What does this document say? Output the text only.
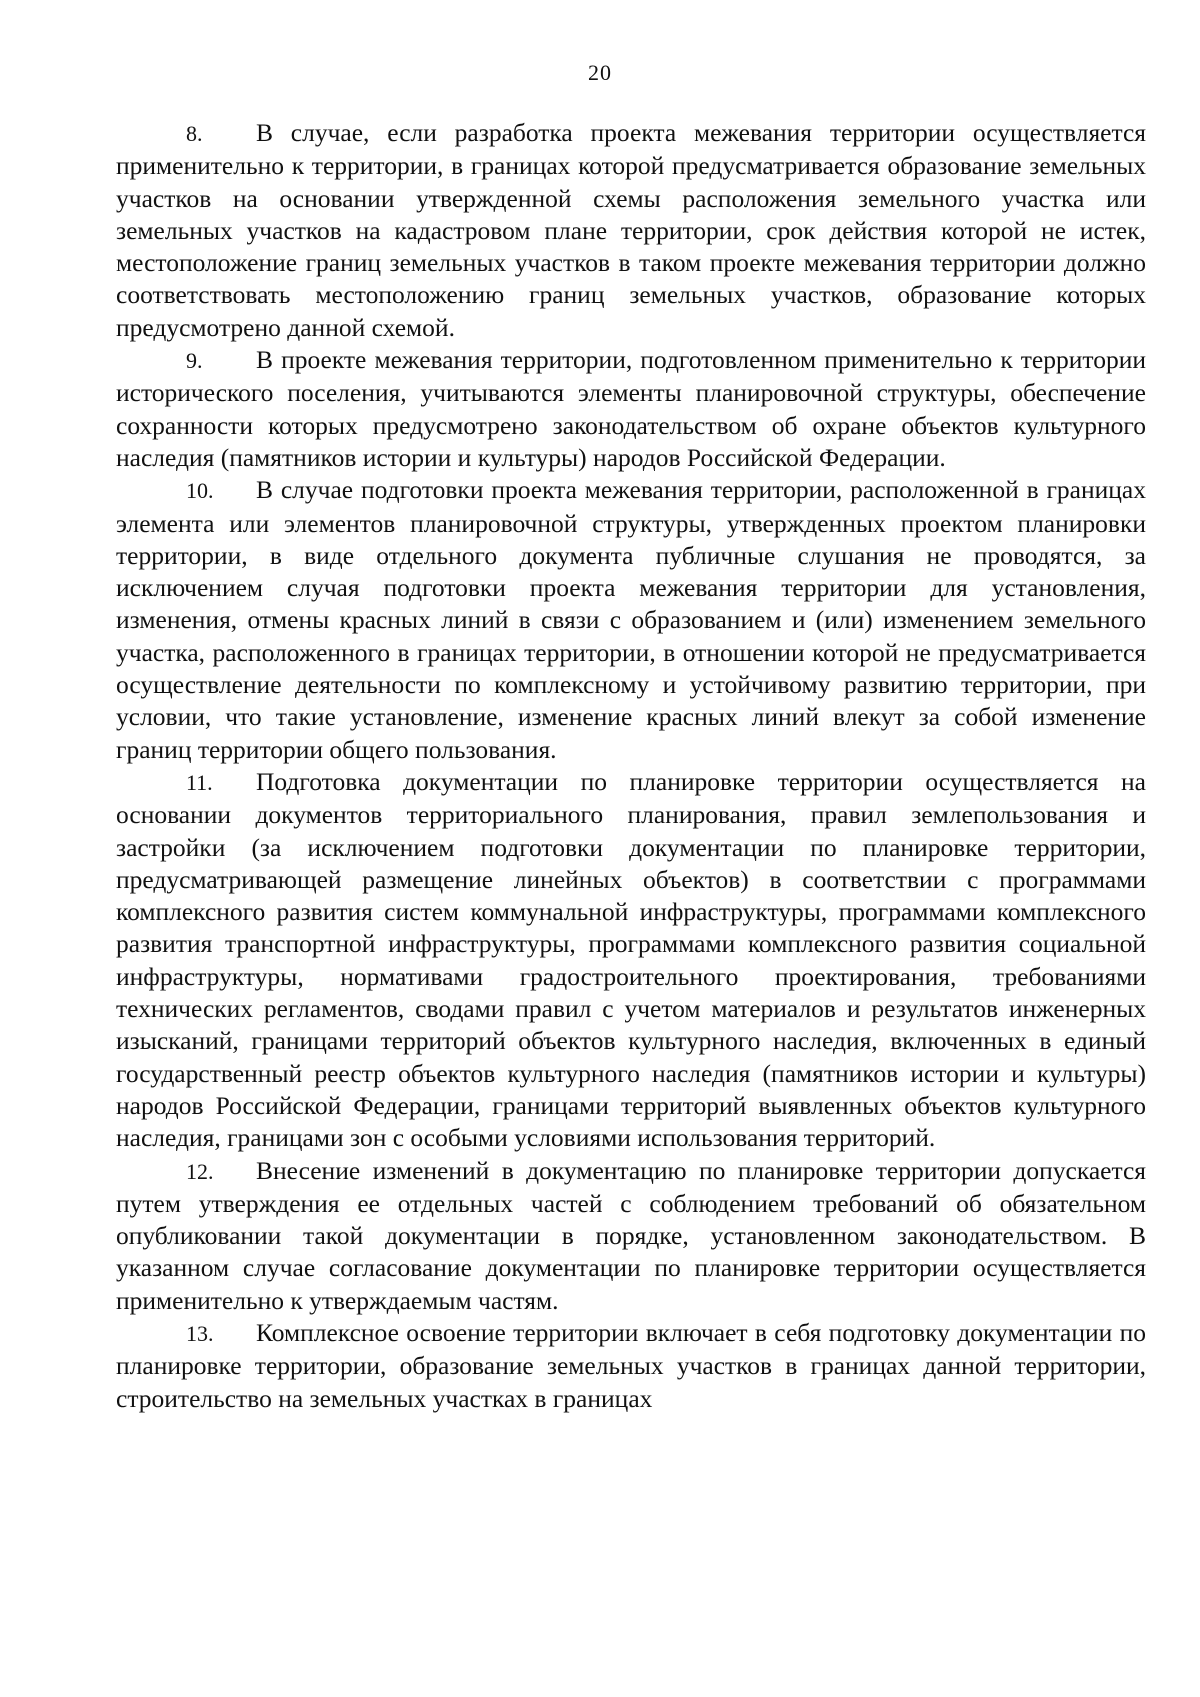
20

8. В случае, если разработка проекта межевания территории осуществляется применительно к территории, в границах которой предусматривается образование земельных участков на основании утвержденной схемы расположения земельного участка или земельных участков на кадастровом плане территории, срок действия которой не истек, местоположение границ земельных участков в таком проекте межевания территории должно соответствовать местоположению границ земельных участков, образование которых предусмотрено данной схемой.

9. В проекте межевания территории, подготовленном применительно к территории исторического поселения, учитываются элементы планировочной структуры, обеспечение сохранности которых предусмотрено законодательством об охране объектов культурного наследия (памятников истории и культуры) народов Российской Федерации.

10. В случае подготовки проекта межевания территории, расположенной в границах элемента или элементов планировочной структуры, утвержденных проектом планировки территории, в виде отдельного документа публичные слушания не проводятся, за исключением случая подготовки проекта межевания территории для установления, изменения, отмены красных линий в связи с образованием и (или) изменением земельного участка, расположенного в границах территории, в отношении которой не предусматривается осуществление деятельности по комплексному и устойчивому развитию территории, при условии, что такие установление, изменение красных линий влекут за собой изменение границ территории общего пользования.

11. Подготовка документации по планировке территории осуществляется на основании документов территориального планирования, правил землепользования и застройки (за исключением подготовки документации по планировке территории, предусматривающей размещение линейных объектов) в соответствии с программами комплексного развития систем коммунальной инфраструктуры, программами комплексного развития транспортной инфраструктуры, программами комплексного развития социальной инфраструктуры, нормативами градостроительного проектирования, требованиями технических регламентов, сводами правил с учетом материалов и результатов инженерных изысканий, границами территорий объектов культурного наследия, включенных в единый государственный реестр объектов культурного наследия (памятников истории и культуры) народов Российской Федерации, границами территорий выявленных объектов культурного наследия, границами зон с особыми условиями использования территорий.

12. Внесение изменений в документацию по планировке территории допускается путем утверждения ее отдельных частей с соблюдением требований об обязательном опубликовании такой документации в порядке, установленном законодательством. В указанном случае согласование документации по планировке территории осуществляется применительно к утверждаемым частям.

13. Комплексное освоение территории включает в себя подготовку документации по планировке территории, образование земельных участков в границах данной территории, строительство на земельных участках в границах
